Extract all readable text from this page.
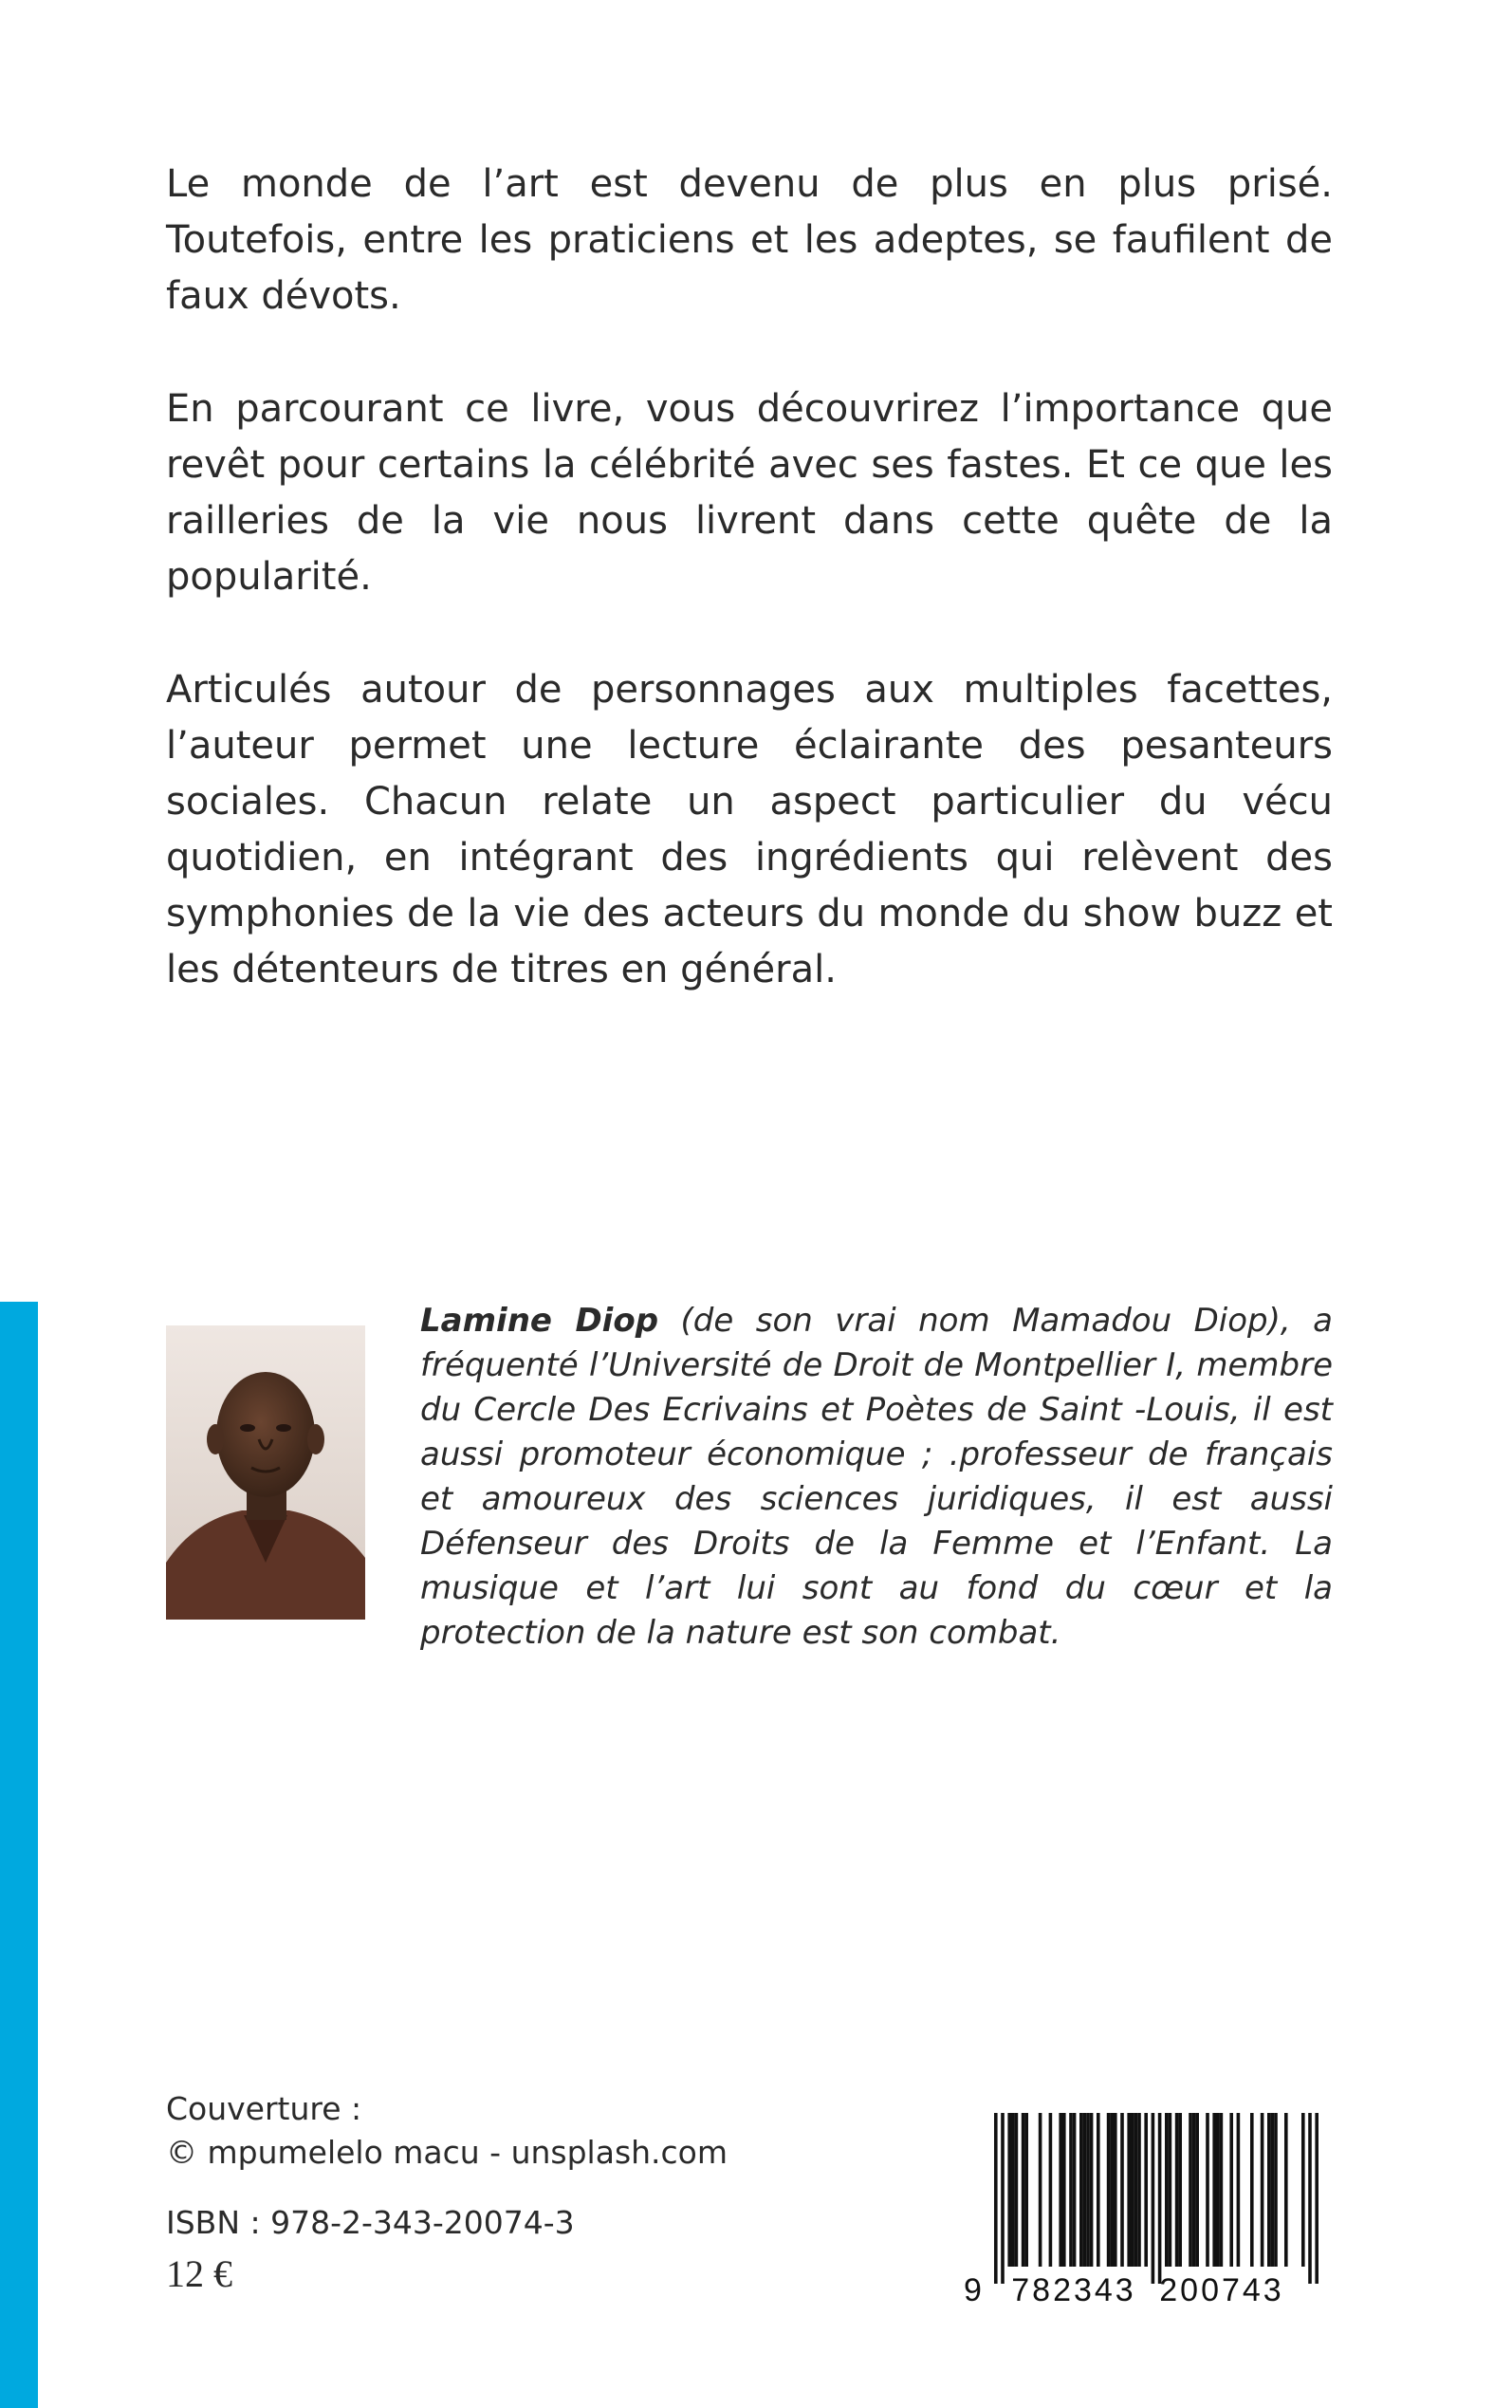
Le monde de l’art est devenu de plus en plus prisé. Toutefois, entre les praticiens et les adeptes, se faufilent de faux dévots.

En parcourant ce livre, vous découvrirez l’importance que revêt pour certains la célébrité avec ses fastes. Et ce que les railleries de la vie nous livrent dans cette quête de la popularité.

Articulés autour de personnages aux multiples facettes, l’auteur permet une lecture éclairante des pesanteurs sociales. Chacun relate un aspect particulier du vécu quotidien, en intégrant des ingrédients qui relèvent des symphonies de la vie des acteurs du monde du show buzz et les détenteurs de titres en général.

Lamine Diop (de son vrai nom Mamadou Diop), a fréquenté l’Université de Droit de Montpellier I, membre du Cercle Des Ecrivains et Poètes de Saint -Louis, il est aussi promoteur économique ; .professeur de français et amoureux des sciences juridiques, il est aussi Défenseur des Droits de la Femme et l’Enfant. La musique et l’art lui sont au fond du cœur et la protection de la nature est son combat.

Couverture :
© mpumelelo macu - unsplash.com
ISBN : 978-2-343-20074-3
12 €	9 782343 200743
